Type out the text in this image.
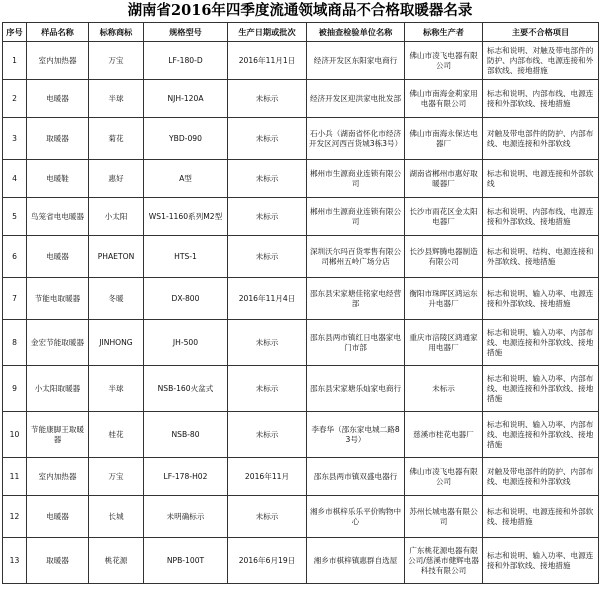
湖南省2016年四季度流通领域商品不合格取暖器名录
序号	样品名称	标称商标	规格型号	生产日期或批次	被抽查检验单位名称	标称生产者	主要不合格项目
1	室内加热器	万宝	LF-180-D	2016年11月1日	经济开发区东阳家电商行	佛山市凌飞电器有限公司	标志和说明、对触及带电部件的防护、内部布线、电源连接和外部软线、接地措施
2	电暖器	半球	NJH-120A	未标示	经济开发区迎洪家电批发部	佛山市南海金莉家用电器有限公司	标志和说明、内部布线、电源连接和外部软线、接地措施
3	取暖器	菊花	YBD-090	未标示	石小兵（湖南省怀化市经济开发区河西百货城3栋3号）	佛山市南海永保达电器厂	对触及带电部件的防护、内部布线、电源连接和外部软线
4	电暖鞋	惠好	A型	未标示	郴州市生源商业连锁有限公司	湖南省郴州市惠好取暖器厂	标志和说明、电源连接和外部软线
5	鸟笼省电电暖器	小太阳	WS1-1160系列M2型	未标示	郴州市生源商业连锁有限公司	长沙市雨花区金太阳电器厂	标志和说明、内部布线、电源连接和外部软线、接地措施
6	电暖器	PHAETON	HTS-1	未标示	深圳沃尔玛百货零售有限公司郴州五岭广场分店	长沙县辉腾电器制造有限公司	标志和说明、结构、电源连接和外部软线、接地措施
7	节能电取暖器	冬暖	DX-800	2016年11月4日	邵东县宋家塘佳铭家电经营部	衡阳市珠晖区鸿运东升电器厂	标志和说明、输入功率、电源连接和外部软线、接地措施
8	金宏节能取暖器	JINHONG	JH-500	未标示	邵东县两市镇红日电器家电门市部	重庆市涪陵区鸿通家用电器厂	标志和说明、输入功率、内部布线、电源连接和外部软线、接地措施
9	小太阳取暖器	半球	NSB-160火盆式	未标示	邵东县宋家塘乐灿家电商行	未标示	标志和说明、输入功率、内部布线、电源连接和外部软线、接地措施
10	节能康脚王取暖器	桂花	NSB-80	未标示	李春华（邵东家电城二路83号）	慈溪市桂花电器厂	标志和说明、输入功率、内部布线、电源连接和外部软线、接地措施
11	室内加热器	万宝	LF-178-H02	2016年11月	邵东县两市镇双盛电器行	佛山市凌飞电器有限公司	对触及带电部件的防护、内部布线、电源连接和外部软线
12	电暖器	长城	未明确标示	未标示	湘乡市棋梓乐乐平价购物中心	苏州长城电器有限公司	标志和说明、电源连接和外部软线、接地措施
13	取暖器	桃花源	NPB-100T	2016年6月19日	湘乡市棋梓镇惠群自选屋	广东桃花源电器有限公司/慈溪市健辉电器科技有限公司	标志和说明、输入功率、电源连接和外部软线、接地措施
